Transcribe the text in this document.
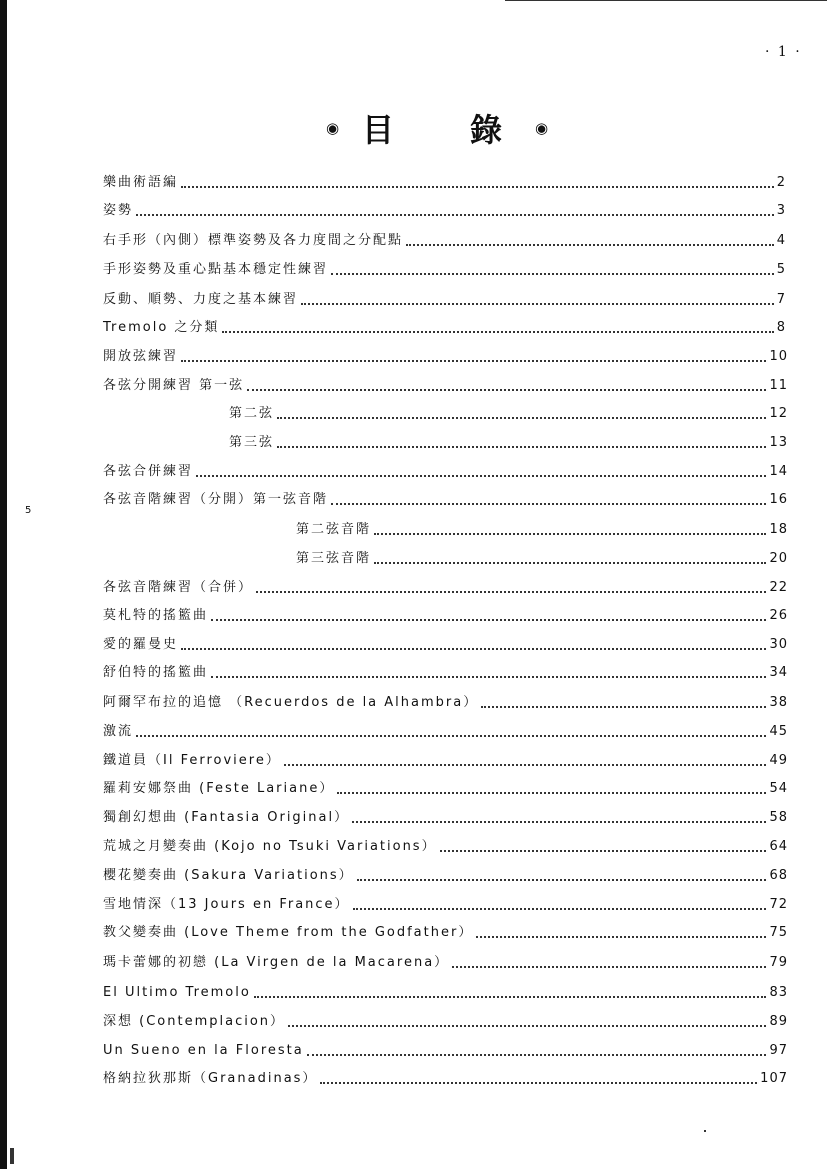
· 1 ·
5
◉ 目 錄 ◉
樂曲術語編	2
姿勢	3
右手形（內側）標準姿勢及各力度間之分配點	4
手形姿勢及重心點基本穩定性練習	5
反動、順勢、力度之基本練習	7
Tremolo 之分類	8
開放弦練習	10
各弦分開練習 第一弦	11
第二弦	12
第三弦	13
各弦合併練習	14
各弦音階練習（分開）第一弦音階	16
第二弦音階	18
第三弦音階	20
各弦音階練習（合併）	22
莫札特的搖籃曲	26
愛的羅曼史	30
舒伯特的搖籃曲	34
阿爾罕布拉的追憶 （Recuerdos de la Alhambra）	38
激流	45
鐵道員（Il Ferroviere）	49
羅莉安娜祭曲 (Feste Lariane）	54
獨創幻想曲 (Fantasia Original）	58
荒城之月變奏曲 (Kojo no Tsuki Variations）	64
櫻花變奏曲 (Sakura Variations）	68
雪地情深（13 Jours en France）	72
教父變奏曲 (Love Theme from the Godfather）	75
瑪卡蕾娜的初戀 (La Virgen de la Macarena）	79
El Ultimo Tremolo	83
深想 (Contemplacion）	89
Un Sueno en la Floresta	97
格納拉狄那斯（Granadinas）	107
